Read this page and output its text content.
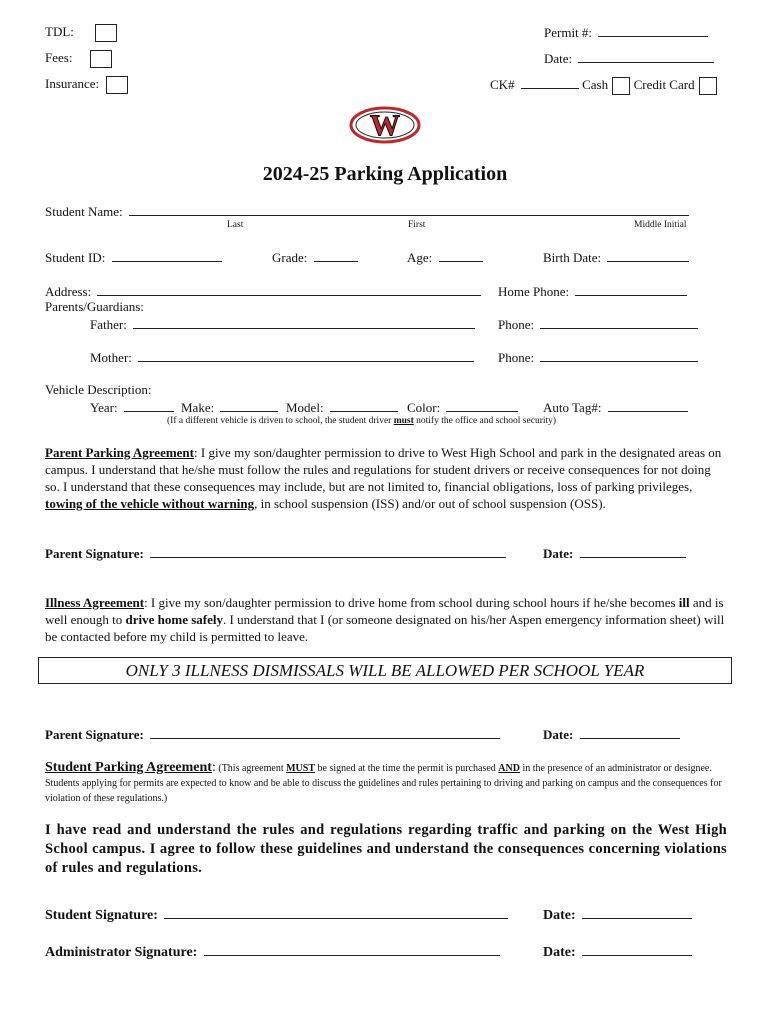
TDL:
Fees:
Insurance:
Permit #:
Date:
CK#	Cash Credit Card
W
2024-25 Parking Application
Student Name:
Last	First	Middle Initial
Student ID:	Grade:	Age:	Birth Date:
Address:	Home Phone:
Parents/Guardians:
Father:	Phone:
Mother:	Phone:
Vehicle Description:
Year:	Make:	Model:	Color:	Auto Tag#:
(If a different vehicle is driven to school, the student driver must notify the office and school security)
Parent Parking Agreement: I give my son/daughter permission to drive to West High School and park in the designated areas on campus. I understand that he/she must follow the rules and regulations for student drivers or receive consequences for not doing so. I understand that these consequences may include, but are not limited to, financial obligations, loss of parking privileges, towing of the vehicle without warning, in school suspension (ISS) and/or out of school suspension (OSS).
Parent Signature:	Date:
Illness Agreement: I give my son/daughter permission to drive home from school during school hours if he/she becomes ill and is well enough to drive home safely. I understand that I (or someone designated on his/her Aspen emergency information sheet) will be contacted before my child is permitted to leave.
ONLY 3 ILLNESS DISMISSALS WILL BE ALLOWED PER SCHOOL YEAR
Parent Signature:	Date:
Student Parking Agreement: (This agreement MUST be signed at the time the permit is purchased AND in the presence of an administrator or designee. Students applying for permits are expected to know and be able to discuss the guidelines and rules pertaining to driving and parking on campus and the consequences for violation of these regulations.)
I have read and understand the rules and regulations regarding traffic and parking on the West High School campus. I agree to follow these guidelines and understand the consequences concerning violations of rules and regulations.
Student Signature:	Date:
Administrator Signature:	Date:
